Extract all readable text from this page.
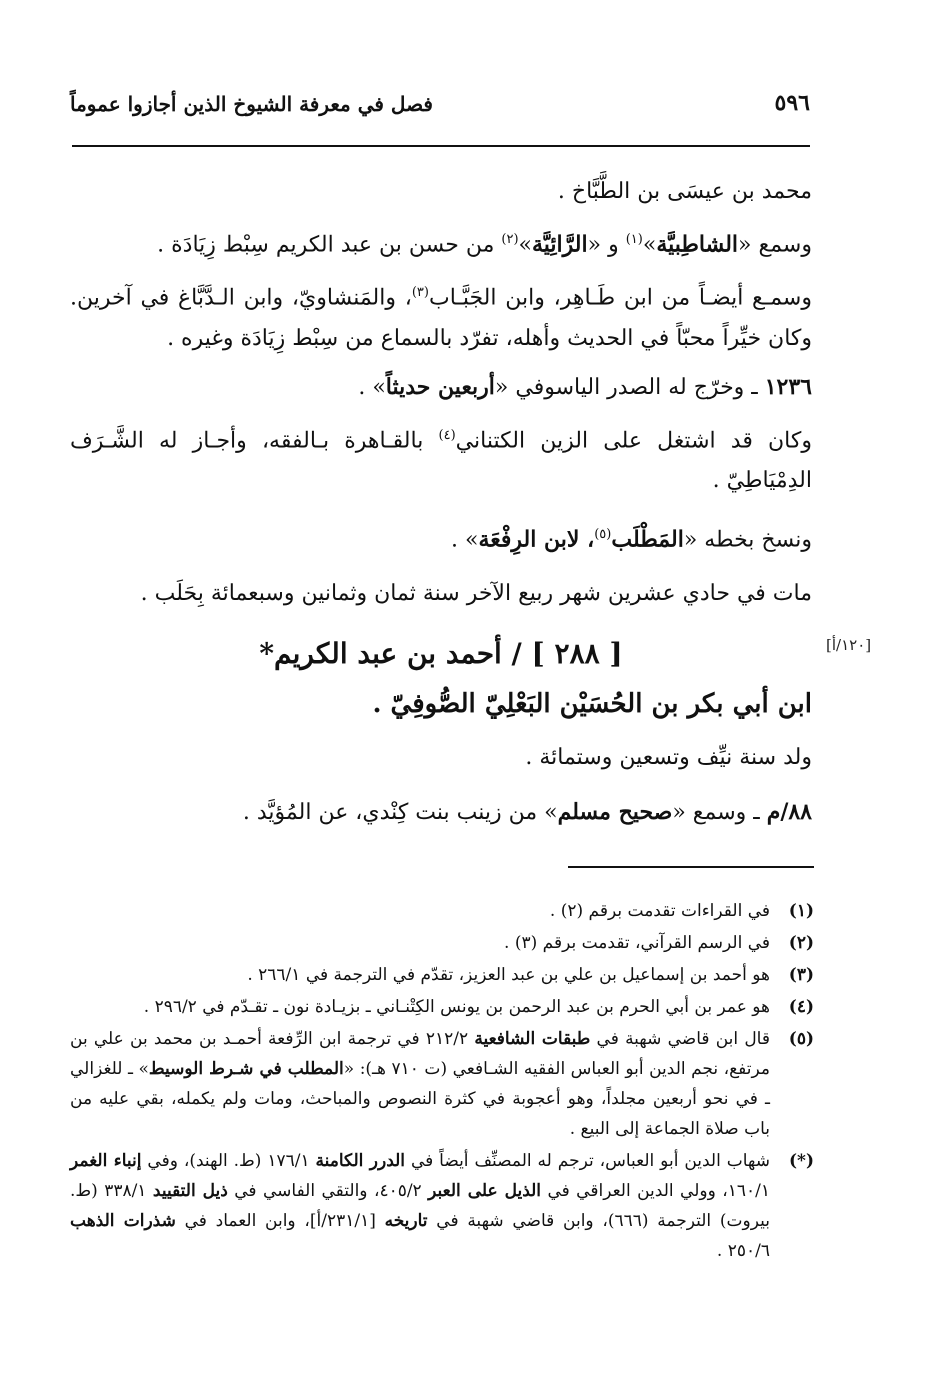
٥٩٦
فصل في معرفة الشيوخ الذين أجازوا عموماً
[١٢٠/أ]

محمد بن عيسَى بن الطَّبَّاخ .

وسمع «الشاطِبيَّة»$^{(١)}$ و «الرَّائِيَّة»$^{(٢)}$ من حسن بن عبد الكريم سِبْط زِيَادَة .

وسمـع أيضـاً من ابن طَـاهِر، وابن الجَبَّـاب$^{(٣)}$، والمَنشاويّ، وابن الـدَّبَّاغ في آخرين. وكان خيِّراً محبّاً في الحديث وأهله، تفرّد بالسماع من سِبْط زِيَادَة وغيره .

١٢٣٦ ـ وخرّج له الصدر الياسوفي «أربعين حديثاً» .

وكان قد اشتغل على الزين الكتناني$^{(٤)}$ بالقـاهرة بـالفقه، وأجـاز له الشَّـرَف الدِمْيَاطِيّ .

ونسخ بخطه «المَطْلَب$^{(٥)}$، لابن الرِفْعَة» .

مات في حادي عشرين شهر ربيع الآخر سنة ثمان وثمانين وسبعمائة بِحَلَب .

[ ٢٨٨ ] / أحمد بن عبد الكريم*
ابن أبي بكر بن الحُسَيْن البَعْلِيّ الصُّوفِيّ .

ولد سنة نيِّف وتسعين وستمائة .

٨٨/م ـ وسمع «صحيح مسلم» من زينب بنت كِنْدي، عن المُؤيَّد .

(١)
في القراءات تقدمت برقم (٢) .
(٢)
في الرسم القرآني، تقدمت برقم (٣) .
(٣)
هو أحمد بن إسماعيل بن علي بن عبد العزيز، تقدّم في الترجمة في ٢٦٦/١ .
(٤)
هو عمر بن أبي الحرم بن عبد الرحمن بن يونس الكِتْنـاني ـ بزيـادة نون ـ تقـدّم في ٢٩٦/٢ .
(٥)
قال ابن قاضي شهبة في طبقات الشافعية ٢١٢/٢ في ترجمة ابن الرِّفعة أحمـد بن محمد بن علي بن مرتفع، نجم الدين أبو العباس الفقيه الشـافعي (ت ٧١٠ هـ): «المطلب في شـرط الوسيط» ـ للغزالي ـ في نحو أربعين مجلداً، وهو أعجوبة في كثرة النصوص والمباحث، ومات ولم يكمله، بقي عليه من باب صلاة الجماعة إلى البيع .
(*)
شهاب الدين أبو العباس، ترجم له المصنِّف أيضاً في الدرر الكامنة ١٧٦/١ (ط. الهند)، وفي إنباء الغمر ١٦٠/١، وولي الدين العراقي في الذيل على العبر ٤٠٥/٢، والتقي الفاسي في ذيل التقييد ٣٣٨/١ (ط. بيروت) الترجمة (٦٦٦)، وابن قاضي شهبة في تاريخه [٢٣١/١/أ]، وابن العماد في شذرات الذهب ٢٥٠/٦ .
